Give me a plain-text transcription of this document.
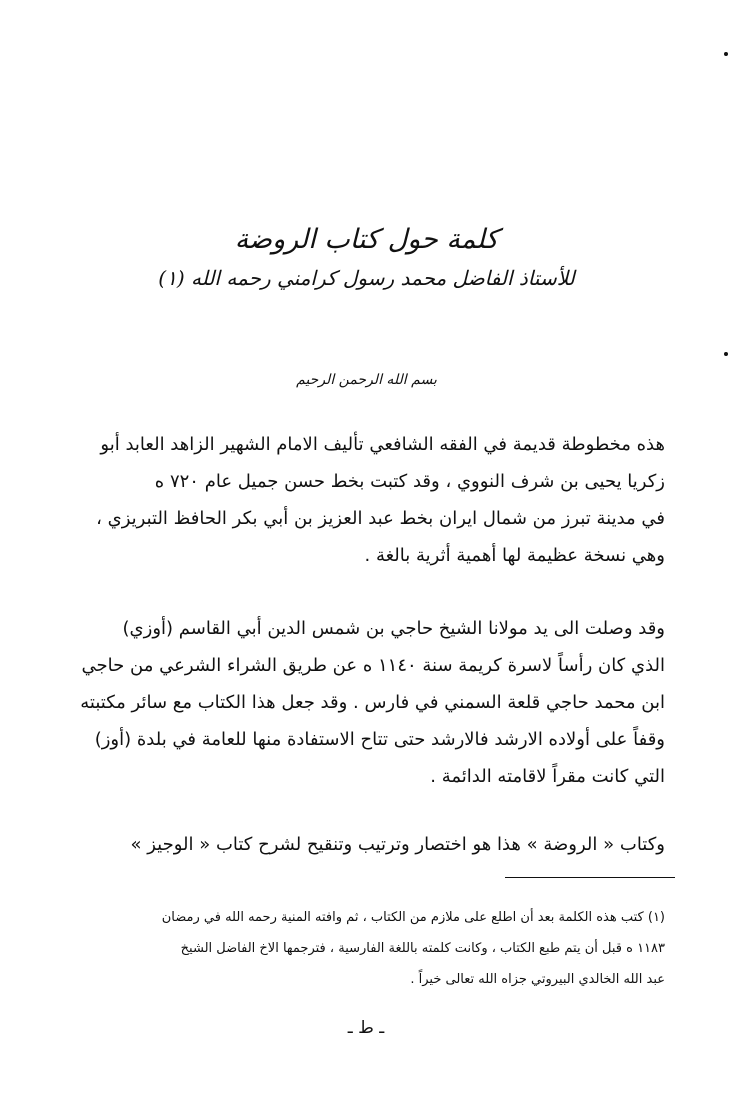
كلمة حول كتاب الروضة
للأستاذ الفاضل محمد رسول كرامني رحمه الله (١)
بسم الله الرحمن الرحيم
هذه مخطوطة قديمة في الفقه الشافعي تأليف الامام الشهير الزاهد العابد أبو
زكريا يحيى بن شرف النووي ، وقد كتبت بخط حسن جميل عام ٧٢٠ ه
في مدينة تبرز من شمال ايران بخط عبد العزيز بن أبي بكر الحافظ التبريزي ،
وهي نسخة عظيمة لها أهمية أثرية بالغة .
وقد وصلت الى يد مولانا الشيخ حاجي بن شمس الدين أبي القاسم (أوزي)
الذي كان رأساً لاسرة كريمة سنة ١١٤٠ ه عن طريق الشراء الشرعي من حاجي
ابن محمد حاجي قلعة السمني في فارس . وقد جعل هذا الكتاب مع سائر مكتبته
وقفاً على أولاده الارشد فالارشد حتى تتاح الاستفادة منها للعامة في بلدة (أوز)
التي كانت مقراً لاقامته الدائمة .
وكتاب « الروضة » هذا هو اختصار وترتيب وتنقيح لشرح كتاب « الوجيز »
(١) كتب هذه الكلمة بعد أن اطلع على ملازم من الكتاب ، ثم وافته المنية رحمه الله في رمضان
١١٨٣ ه قبل أن يتم طبع الكتاب ، وكانت كلمته باللغة الفارسية ، فترجمها الاخ الفاضل الشيخ
عبد الله الخالدي البيروتي جزاه الله تعالى خيراً .
ـ ط ـ
